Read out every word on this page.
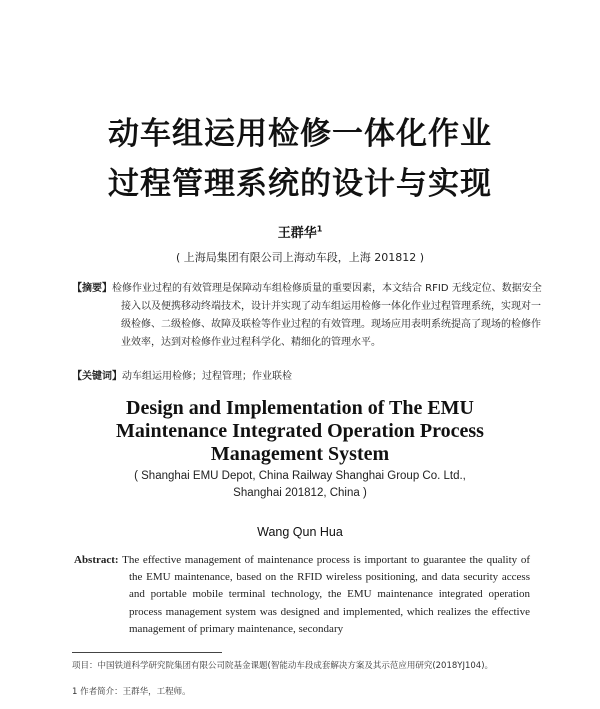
动车组运用检修一体化作业
过程管理系统的设计与实现
王群华$^1$
( 上海局集团有限公司上海动车段，上海 201812 )
【摘要】检修作业过程的有效管理是保障动车组检修质量的重要因素，本文结合 RFID 无线定位、数据安全接入以及便携移动终端技术，设计并实现了动车组运用检修一体化作业过程管理系统，实现对一级检修、二级检修、故障及联检等作业过程的有效管理。现场应用表明系统提高了现场的检修作业效率，达到对检修作业过程科学化、精细化的管理水平。
【关键词】动车组运用检修；过程管理；作业联检
Design and Implementation of The EMU
Maintenance Integrated Operation Process
Management System
( Shanghai EMU Depot, China Railway Shanghai Group Co. Ltd., Shanghai 201812, China )
Wang Qun Hua
Abstract: The effective management of maintenance process is important to guarantee the quality of the EMU maintenance, based on the RFID wireless positioning, and data security access and portable mobile terminal technology, the EMU maintenance integrated operation process management system was designed and implemented, which realizes the effective management of primary maintenance, secondary
项目：中国铁道科学研究院集团有限公司院基金课题(智能动车段成套解决方案及其示范应用研究(2018YJ104)。
1 作者简介：王群华，工程师。
